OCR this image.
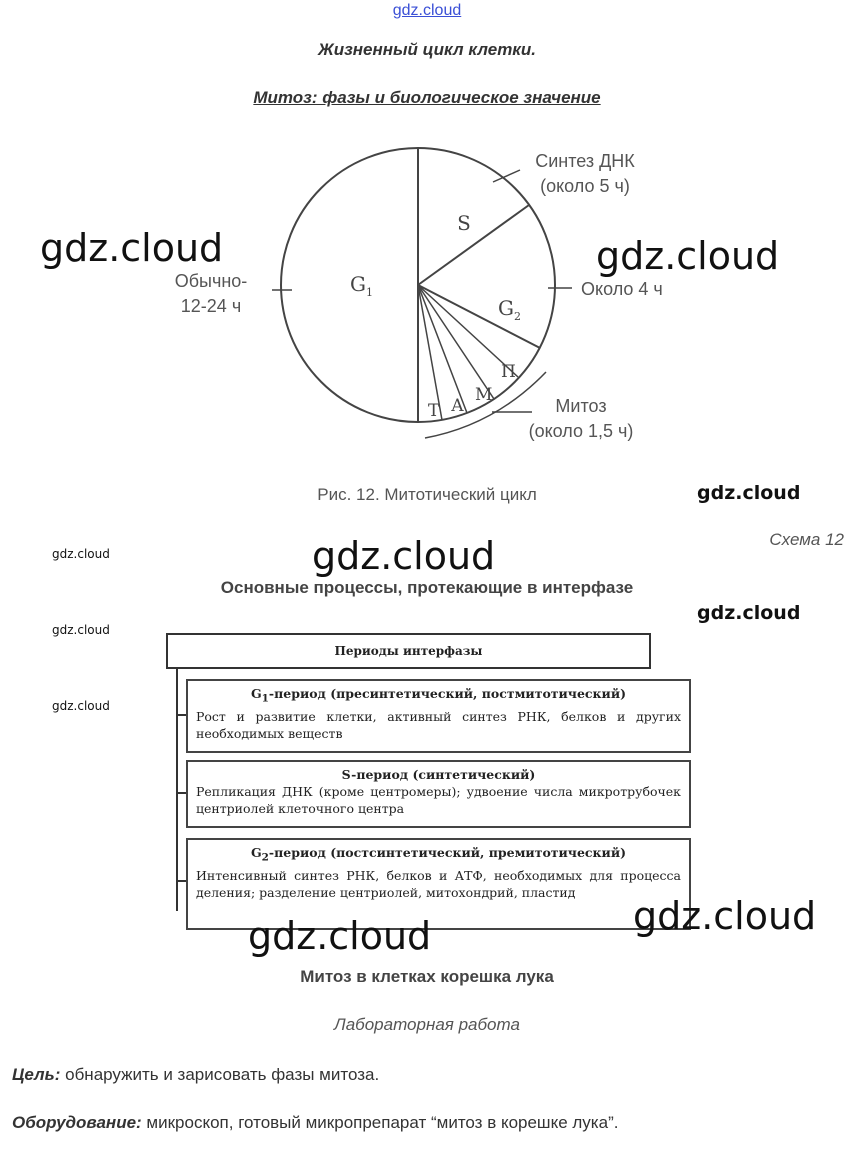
gdz.cloud
Жизненный цикл клетки.
Митоз: фазы и биологическое значение
S
$G_1$
$G_2$
Т А
М
П
Синтез ДНК
(около 5 ч)
Обычно-
12-24 ч
Около 4 ч
Митоз
(около 1,5 ч)
Рис. 12. Митотический цикл
Схема 12
Основные процессы, протекающие в интерфазе
Периоды интерфазы
$G_1$-период (пресинтетический, постмитотический)
Рост и развитие клетки, активный синтез РНК, белков и других необходимых веществ
S-период (синтетический)
Репликация ДНК (кроме центромеры); удвоение числа микротрубочек центриолей клеточного центра
$G_2$-период (постсинтетический, премитотический)
Интенсивный синтез РНК, белков и АТФ, необходимых для процесса деления; разделение центриолей, митохондрий, пластид
Митоз в клетках корешка лука
Лабораторная работа
Цель: обнаружить и зарисовать фазы митоза.
Оборудование: микроскоп, готовый микропрепарат “митоз в корешке лука”.
gdz.cloud	gdz.cloud
gdz.cloud
gdz.cloud
gdz.cloud
gdz.cloud
gdz.cloud
gdz.cloud
gdz.cloud
gdz.cloud
